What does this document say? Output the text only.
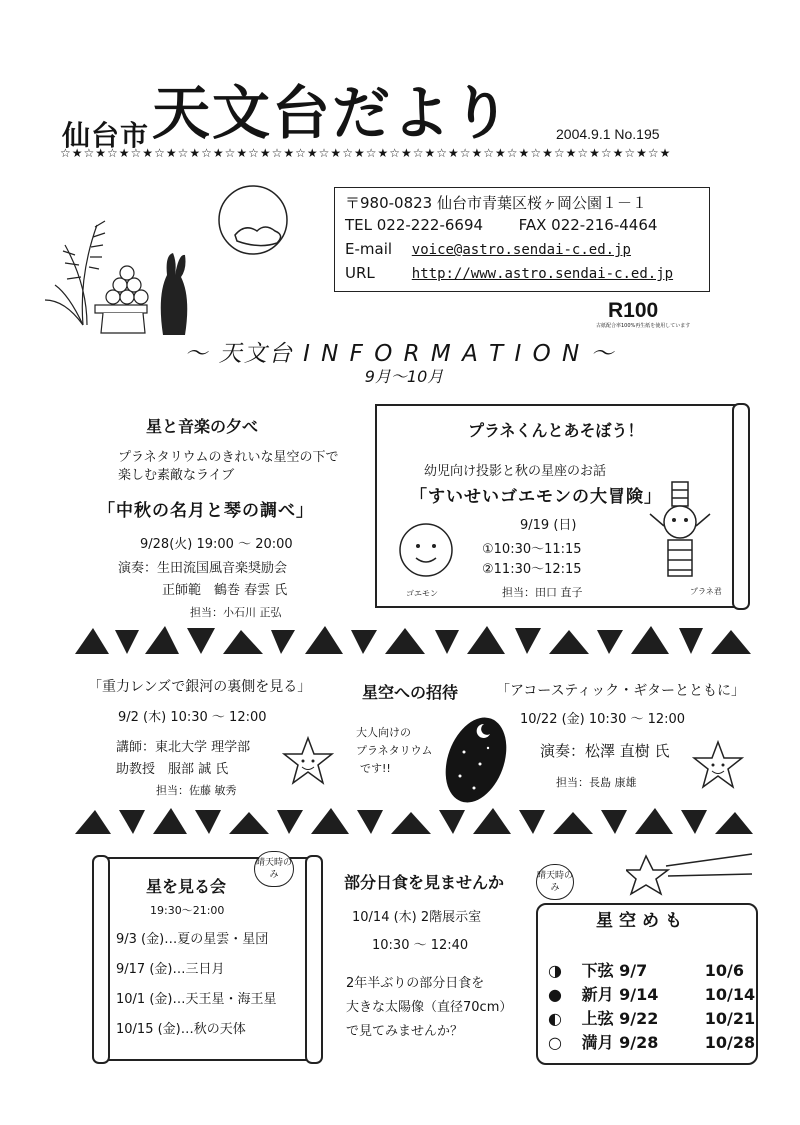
仙台市 天文台だより	2004.9.1 No.195
☆★☆★☆★☆★☆★☆★☆★☆★☆★☆★☆★☆★☆★☆★☆★☆★☆★☆★☆★☆★☆★☆★☆★☆★☆★☆★
〒980-0823 仙台市青葉区桜ヶ岡公園１－１
TEL 022-222-6694 FAX 022-216-4464
E-mail voice@astro.sendai-c.ed.jp
URL	http://www.astro.sendai-c.ed.jp
R100
古紙配合率100%再生紙を使用しています
～ 天文台 I N F O R M A T I O N ～
9月～10月
星と音楽の夕べ
プラネタリウムのきれいな星空の下で
楽しむ素敵なライブ
「中秋の名月と琴の調べ」
9/28(火) 19:00 ～ 20:00
演奏：生田流国風音楽奨励会
正師範　鶴巻 春雲 氏
担当：小石川 正弘
プラネくんとあそぼう！
幼児向け投影と秋の星座のお話
「すいせいゴエモンの大冒険」
9/19 (日)
①10:30～11:15
②11:30～12:15
担当：田口 直子
ゴエモン	プラネ君
「重力レンズで銀河の裏側を見る」
9/2 (木) 10:30 ～ 12:00
講師：東北大学 理学部
助教授　服部 誠 氏
担当：佐藤 敏秀
星空への招待
大人向けの
プラネタリウム
です!!
「アコースティック・ギターとともに」
10/22 (金) 10:30 ～ 12:00
演奏：松澤 直樹 氏
担当：長島 康雄
星を見る会
晴天時のみ
19:30～21:00
9/3 (金)…夏の星雲・星団
9/17 (金)…三日月
10/1 (金)…天王星・海王星
10/15 (金)…秋の天体
部分日食を見ませんか	晴天時のみ
10/14 (木) 2階展示室
10:30 ～ 12:40
2年半ぶりの部分日食を
大きな太陽像（直径70cm）
で見てみませんか？
星空めも
◑ 下弦 9/7	10/6
● 新月 9/14	10/14
◐ 上弦 9/22	10/21
○ 満月 9/28	10/28
